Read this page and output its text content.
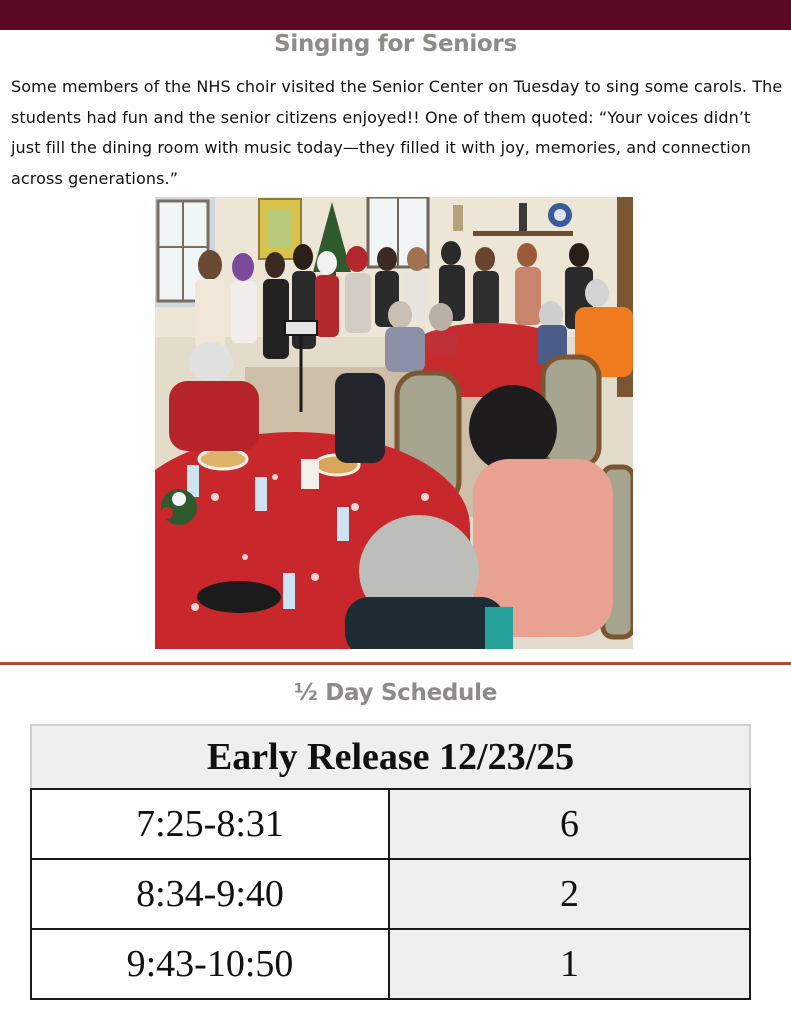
Singing for Seniors

Some members of the NHS choir visited the Senior Center on Tuesday to sing some carols. The students had fun and the senior citizens enjoyed!! One of them quoted: “Your voices didn’t just fill the dining room with music today—they filled it with joy, memories, and connection across generations.”

½ Day Schedule
Early Release 12/23/25	
7:25-8:31	6
8:34-9:40	2
9:43-10:50	1
